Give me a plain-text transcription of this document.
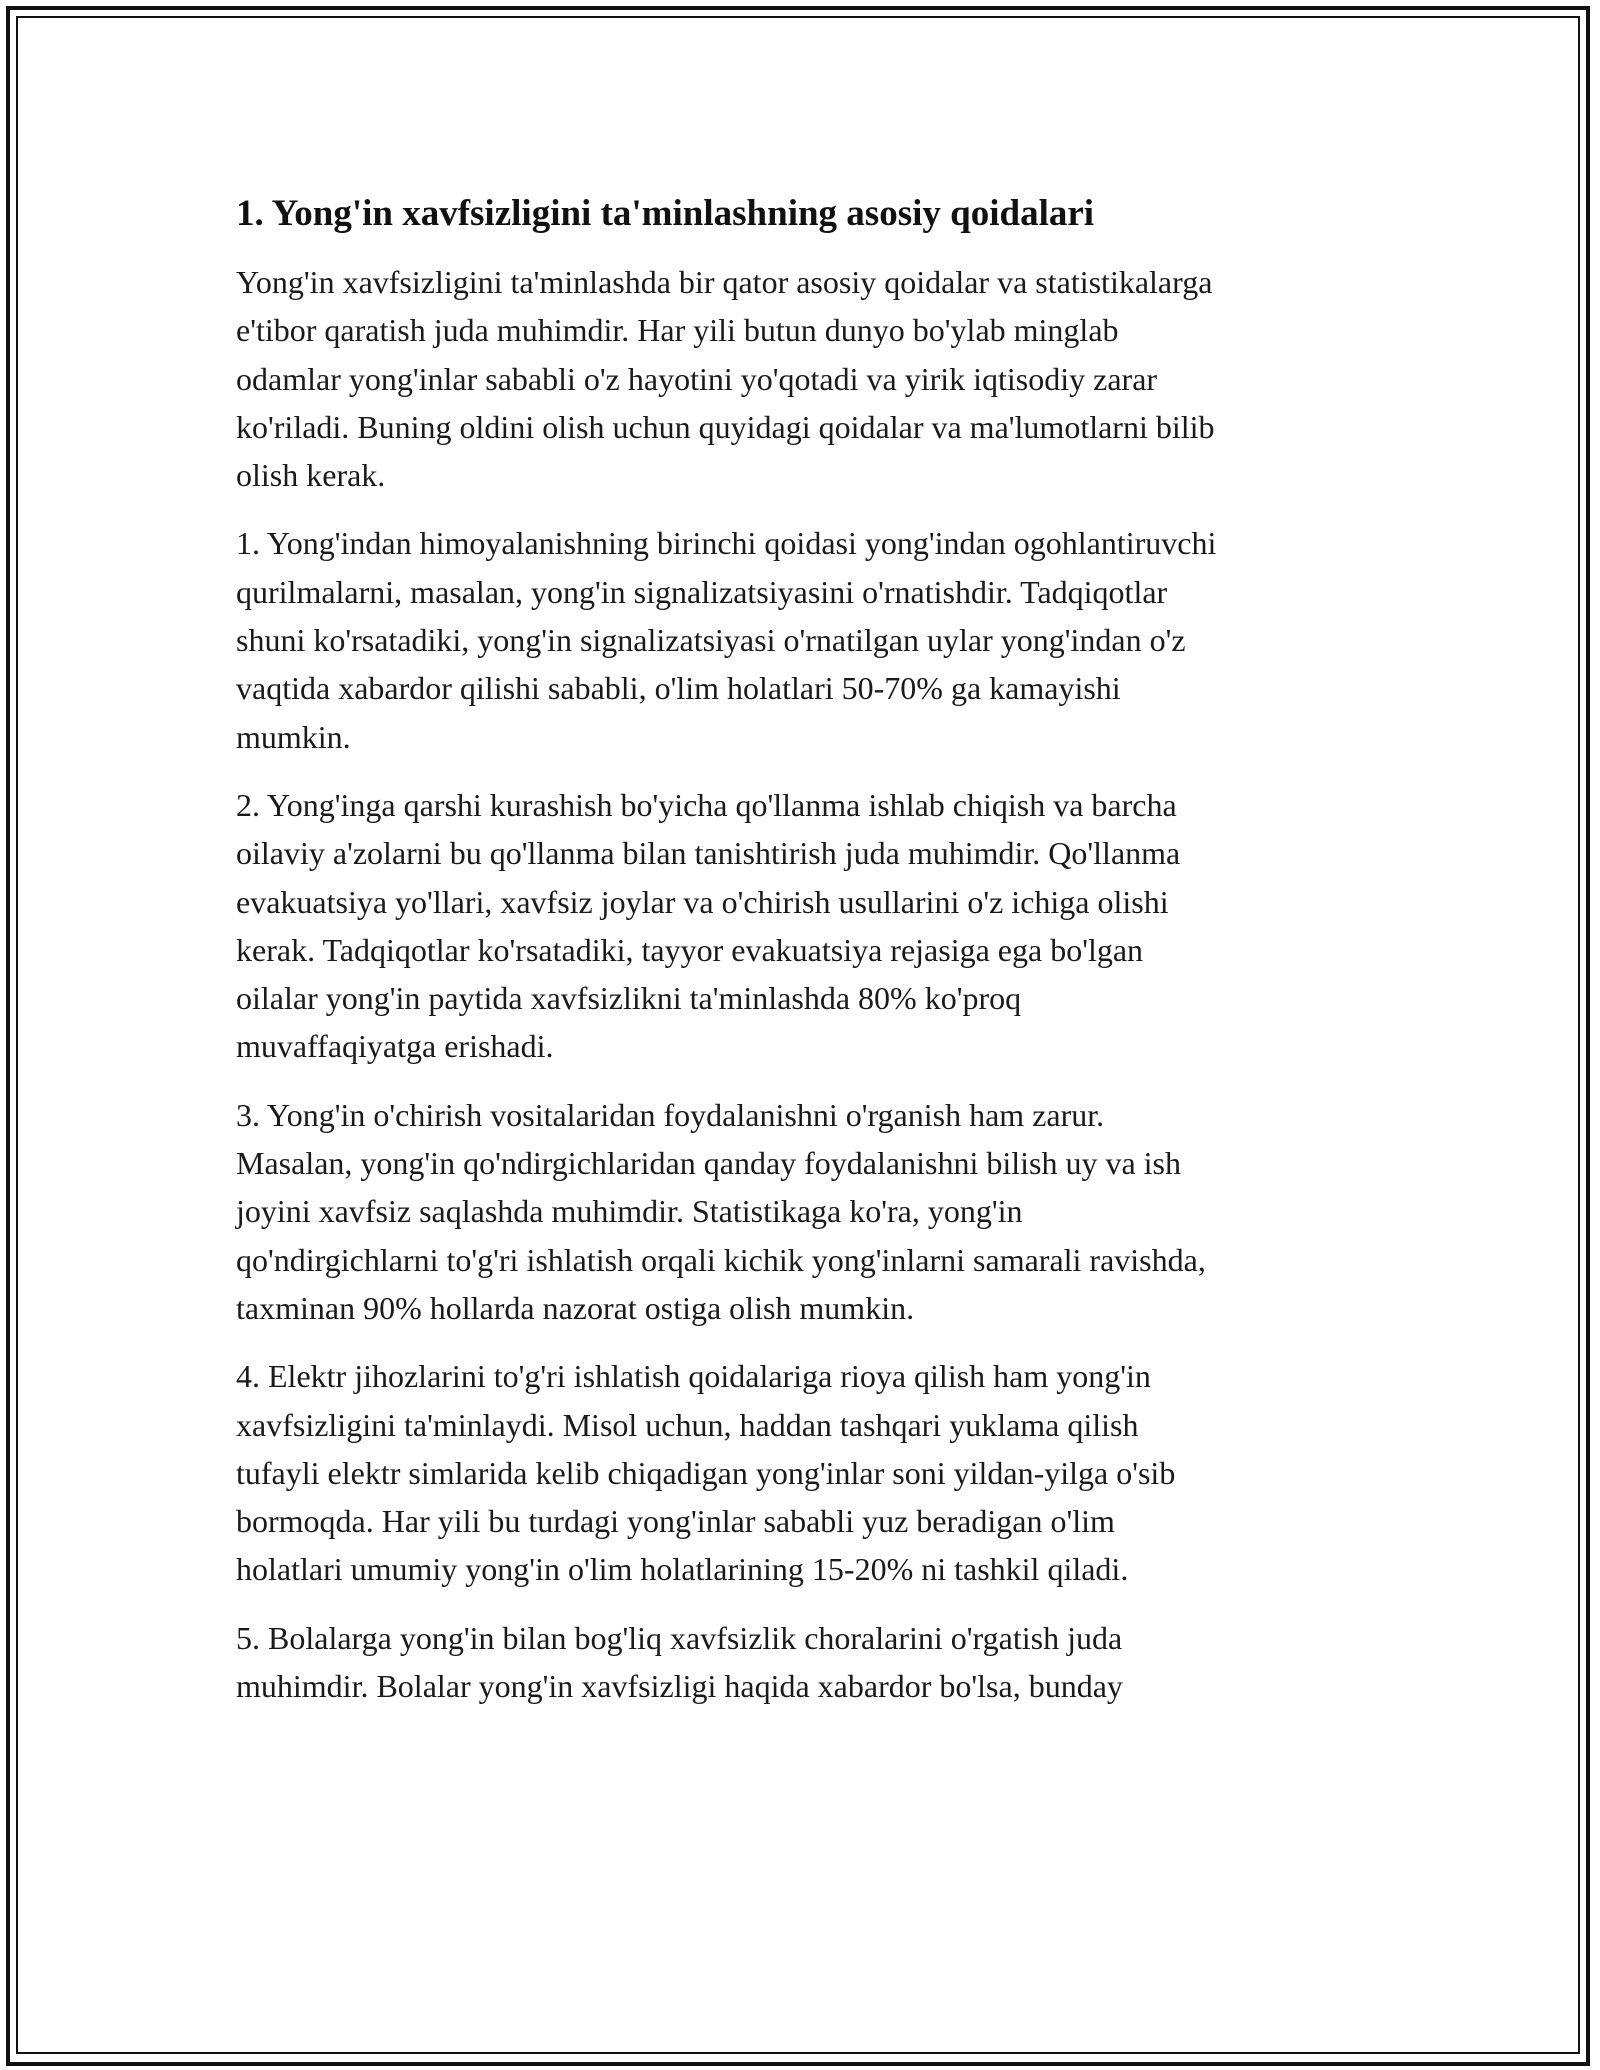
1. Yong'in xavfsizligini ta'minlashning asosiy qoidalari

Yong'in xavfsizligini ta'minlashda bir qator asosiy qoidalar va statistikalarga
e'tibor qaratish juda muhimdir. Har yili butun dunyo bo'ylab minglab
odamlar yong'inlar sababli o'z hayotini yo'qotadi va yirik iqtisodiy zarar
ko'riladi. Buning oldini olish uchun quyidagi qoidalar va ma'lumotlarni bilib
olish kerak.

1. Yong'indan himoyalanishning birinchi qoidasi yong'indan ogohlantiruvchi
qurilmalarni, masalan, yong'in signalizatsiyasini o'rnatishdir. Tadqiqotlar
shuni ko'rsatadiki, yong'in signalizatsiyasi o'rnatilgan uylar yong'indan o'z
vaqtida xabardor qilishi sababli, o'lim holatlari 50-70% ga kamayishi
mumkin.

2. Yong'inga qarshi kurashish bo'yicha qo'llanma ishlab chiqish va barcha
oilaviy a'zolarni bu qo'llanma bilan tanishtirish juda muhimdir. Qo'llanma
evakuatsiya yo'llari, xavfsiz joylar va o'chirish usullarini o'z ichiga olishi
kerak. Tadqiqotlar ko'rsatadiki, tayyor evakuatsiya rejasiga ega bo'lgan
oilalar yong'in paytida xavfsizlikni ta'minlashda 80% ko'proq
muvaffaqiyatga erishadi.

3. Yong'in o'chirish vositalaridan foydalanishni o'rganish ham zarur.
Masalan, yong'in qo'ndirgichlaridan qanday foydalanishni bilish uy va ish
joyini xavfsiz saqlashda muhimdir. Statistikaga ko'ra, yong'in
qo'ndirgichlarni to'g'ri ishlatish orqali kichik yong'inlarni samarali ravishda,
taxminan 90% hollarda nazorat ostiga olish mumkin.

4. Elektr jihozlarini to'g'ri ishlatish qoidalariga rioya qilish ham yong'in
xavfsizligini ta'minlaydi. Misol uchun, haddan tashqari yuklama qilish
tufayli elektr simlarida kelib chiqadigan yong'inlar soni yildan-yilga o'sib
bormoqda. Har yili bu turdagi yong'inlar sababli yuz beradigan o'lim
holatlari umumiy yong'in o'lim holatlarining 15-20% ni tashkil qiladi.

5. Bolalarga yong'in bilan bog'liq xavfsizlik choralarini o'rgatish juda
muhimdir. Bolalar yong'in xavfsizligi haqida xabardor bo'lsa, bunday
